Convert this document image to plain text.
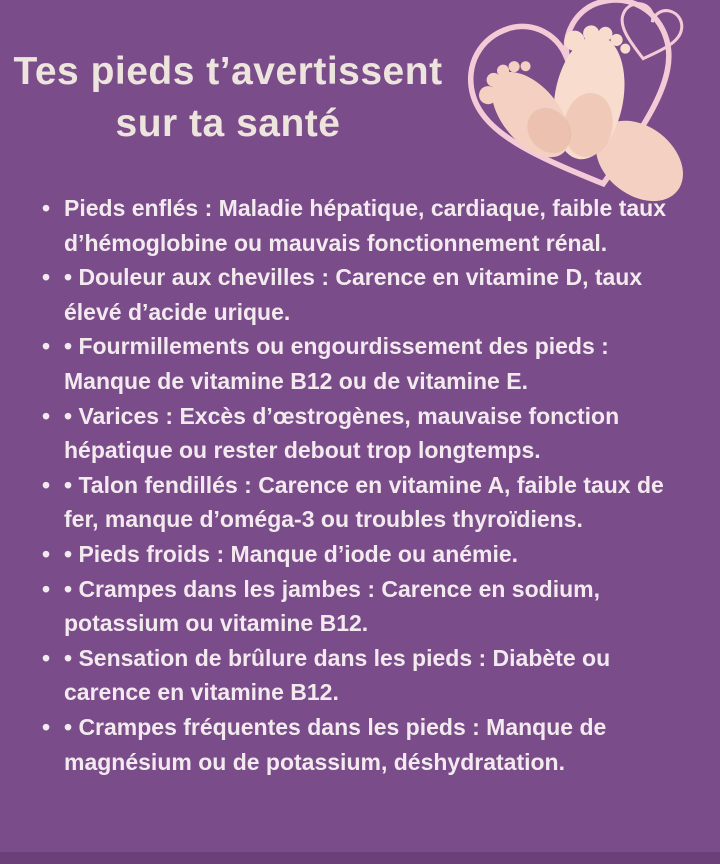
Tes pieds t’avertissent
sur ta santé
• Pieds enflés : Maladie hépatique, cardiaque, faible taux d’hémoglobine ou mauvais fonctionnement rénal.
• • Douleur aux chevilles : Carence en vitamine D, taux élevé d’acide urique.
• • Fourmillements ou engourdissement des pieds : Manque de vitamine B12 ou de vitamine E.
• • Varices : Excès d’œstrogènes, mauvaise fonction hépatique ou rester debout trop longtemps.
• • Talon fendillés : Carence en vitamine A, faible taux de fer, manque d’oméga-3 ou troubles thyroïdiens.
• • Pieds froids : Manque d’iode ou anémie.
• • Crampes dans les jambes : Carence en sodium, potassium ou vitamine B12.
• • Sensation de brûlure dans les pieds : Diabète ou carence en vitamine B12.
• • Crampes fréquentes dans les pieds : Manque de magnésium ou de potassium, déshydratation.
